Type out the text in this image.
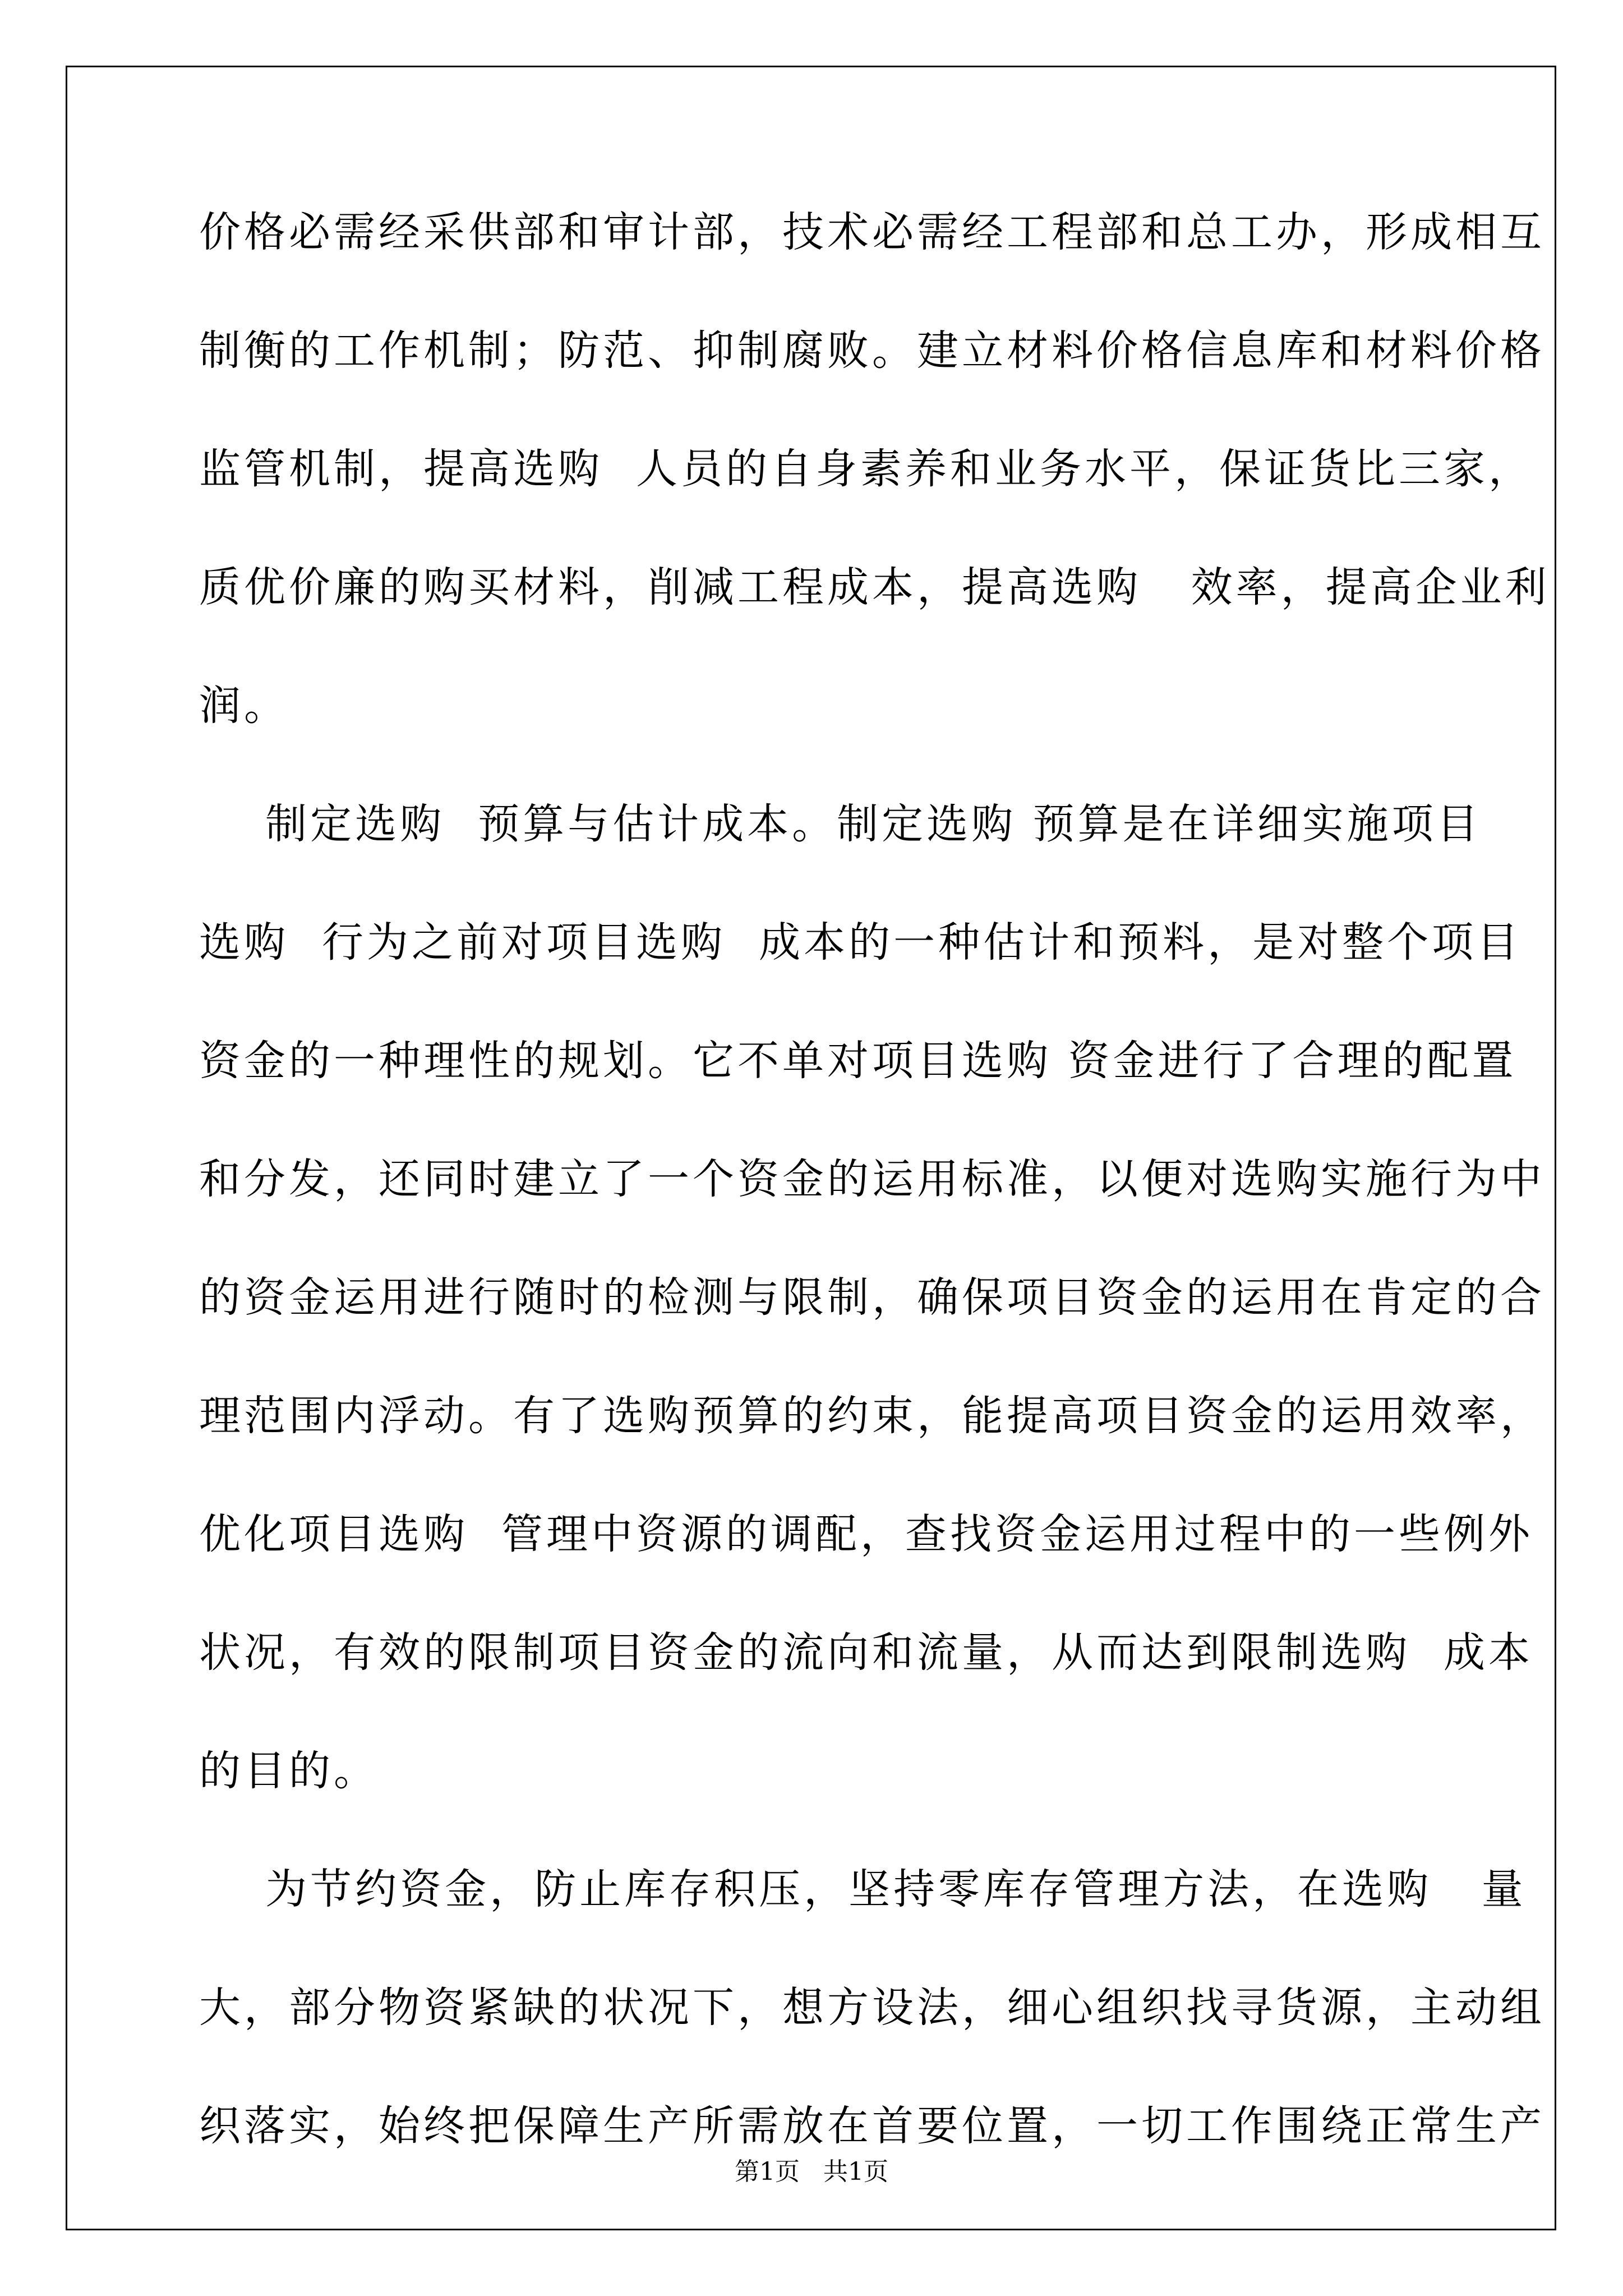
价格必需经采供部和审计部，技术必需经工程部和总工办，形成相互
制衡的工作机制；防范、抑制腐败。建立材料价格信息库和材料价格
监管机制，提高选购  人员的自身素养和业务水平，保证货比三家，
质优价廉的购买材料，削减工程成本，提高选购   效率，提高企业利
润。
制定选购  预算与估计成本。制定选购 预算是在详细实施项目
选购  行为之前对项目选购  成本的一种估计和预料，是对整个项目
资金的一种理性的规划。它不单对项目选购 资金进行了合理的配置
和分发，还同时建立了一个资金的运用标准，以便对选购实施行为中
的资金运用进行随时的检测与限制，确保项目资金的运用在肯定的合
理范围内浮动。有了选购预算的约束，能提高项目资金的运用效率，
优化项目选购  管理中资源的调配，查找资金运用过程中的一些例外
状况，有效的限制项目资金的流向和流量，从而达到限制选购  成本
的目的。
为节约资金，防止库存积压，坚持零库存管理方法，在选购   量
大，部分物资紧缺的状况下，想方设法，细心组织找寻货源，主动组
织落实，始终把保障生产所需放在首要位置，一切工作围绕正常生产
第1页   共1页
